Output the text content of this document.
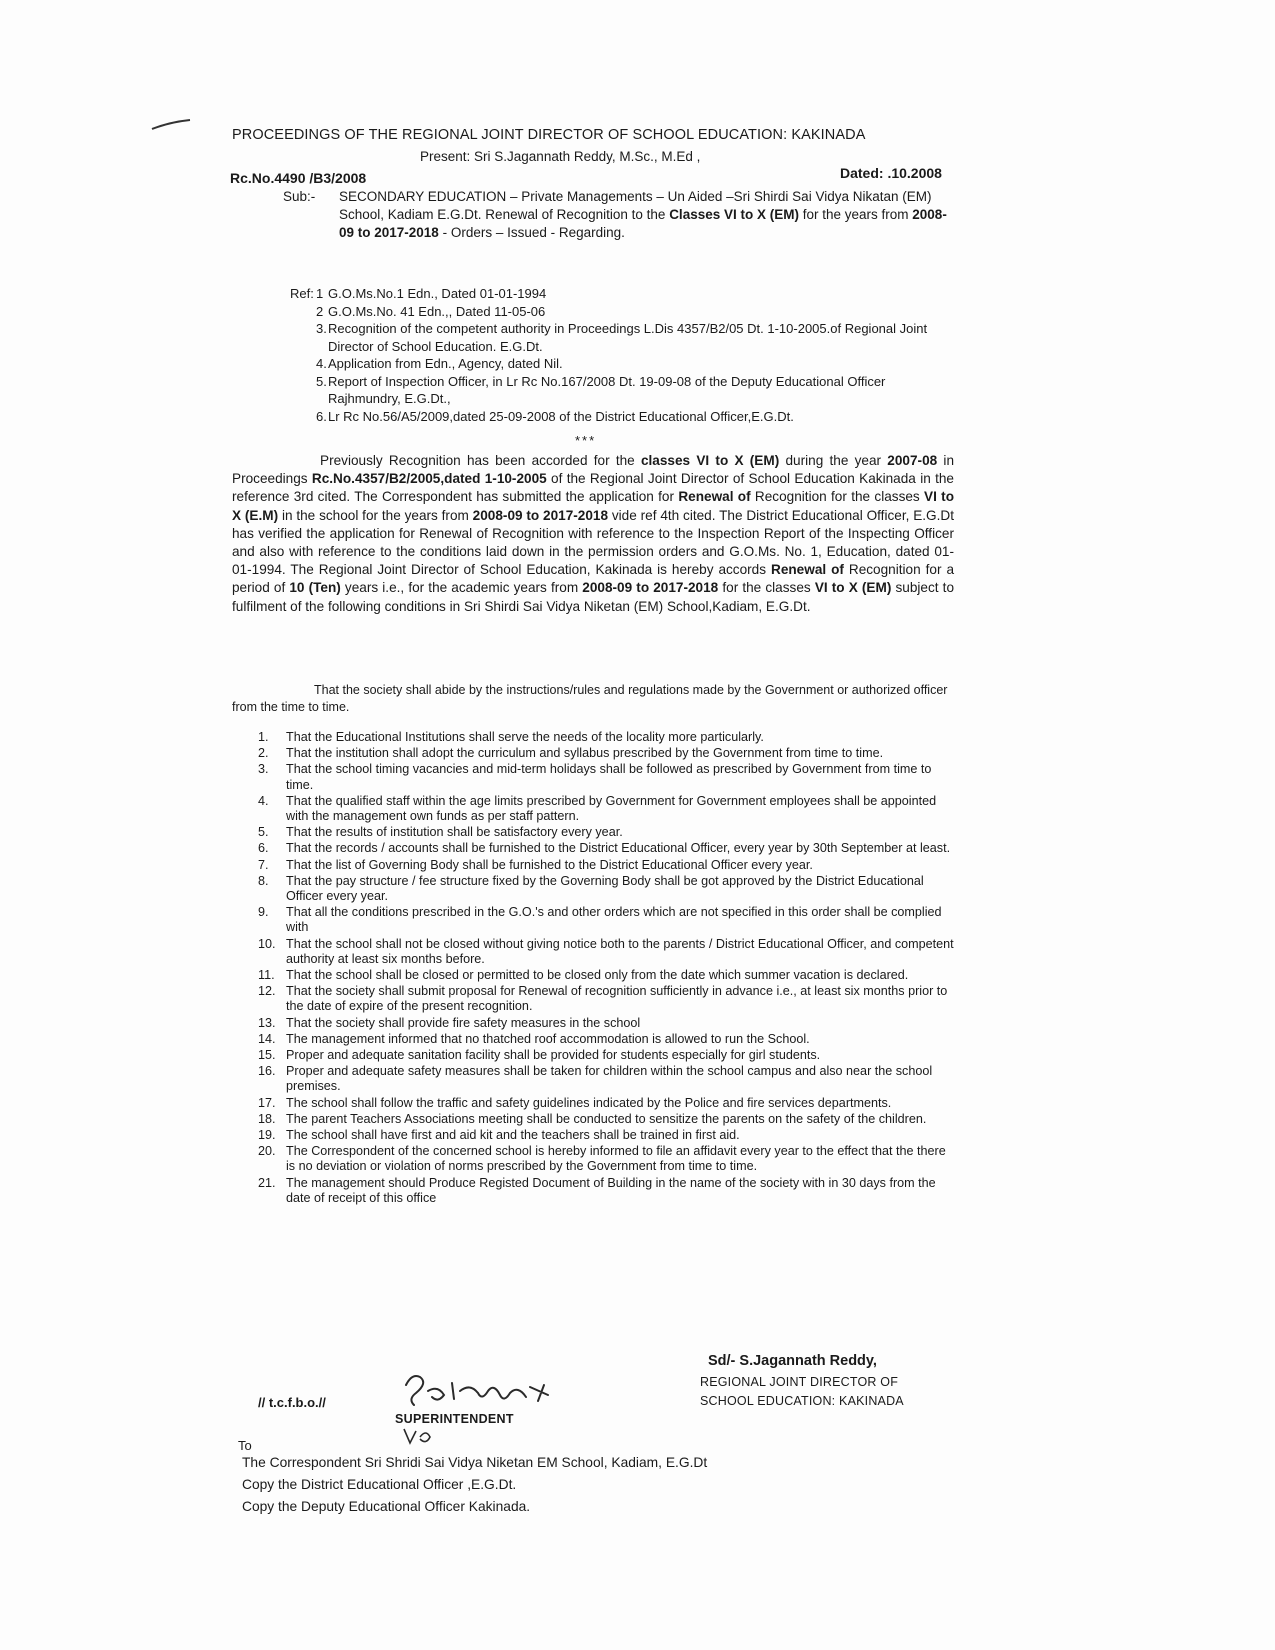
PROCEEDINGS OF THE REGIONAL JOINT DIRECTOR OF SCHOOL EDUCATION: KAKINADA
Present: Sri S.Jagannath Reddy, M.Sc., M.Ed ,
Rc.No.4490 /B3/2008	Dated: .10.2008
Sub:- SECONDARY EDUCATION – Private Managements – Un Aided –Sri Shirdi Sai Vidya Nikatan (EM) School, Kadiam E.G.Dt. Renewal of Recognition to the Classes VI to X (EM) for the years from 2008-09 to 2017-2018 - Orders – Issued - Regarding.
Ref: 1 G.O.Ms.No.1 Edn., Dated 01-01-1994
2 G.O.Ms.No. 41 Edn.,, Dated 11-05-06
3. Recognition of the competent authority in Proceedings L.Dis 4357/B2/05 Dt. 1-10-2005.of Regional Joint Director of School Education. E.G.Dt.
4. Application from Edn., Agency, dated Nil.
5. Report of Inspection Officer, in Lr Rc No.167/2008 Dt. 19-09-08 of the Deputy Educational Officer Rajhmundry, E.G.Dt.,
6. Lr Rc No.56/A5/2009,dated 25-09-2008 of the District Educational Officer,E.G.Dt.
***
Previously Recognition has been accorded for the classes VI to X (EM) during the year 2007-08 in Proceedings Rc.No.4357/B2/2005,dated 1-10-2005 of the Regional Joint Director of School Education Kakinada in the reference 3rd cited. The Correspondent has submitted the application for Renewal of Recognition for the classes VI to X (E.M) in the school for the years from 2008-09 to 2017-2018 vide ref 4th cited. The District Educational Officer, E.G.Dt has verified the application for Renewal of Recognition with reference to the Inspection Report of the Inspecting Officer and also with reference to the conditions laid down in the permission orders and G.O.Ms. No. 1, Education, dated 01-01-1994. The Regional Joint Director of School Education, Kakinada is hereby accords Renewal of Recognition for a period of 10 (Ten) years i.e., for the academic years from 2008-09 to 2017-2018 for the classes VI to X (EM) subject to fulfilment of the following conditions in Sri Shirdi Sai Vidya Niketan (EM) School,Kadiam, E.G.Dt.
That the society shall abide by the instructions/rules and regulations made by the Government or authorized officer from the time to time.
1. That the Educational Institutions shall serve the needs of the locality more particularly.
2. That the institution shall adopt the curriculum and syllabus prescribed by the Government from time to time.
3. That the school timing vacancies and mid-term holidays shall be followed as prescribed by Government from time to time.
4. That the qualified staff within the age limits prescribed by Government for Government employees shall be appointed with the management own funds as per staff pattern.
5. That the results of institution shall be satisfactory every year.
6. That the records / accounts shall be furnished to the District Educational Officer, every year by 30th September at least.
7. That the list of Governing Body shall be furnished to the District Educational Officer every year.
8. That the pay structure / fee structure fixed by the Governing Body shall be got approved by the District Educational Officer every year.
9. That all the conditions prescribed in the G.O.'s and other orders which are not specified in this order shall be complied with
10. That the school shall not be closed without giving notice both to the parents / District Educational Officer, and competent authority at least six months before.
11. That the school shall be closed or permitted to be closed only from the date which summer vacation is declared.
12. That the society shall submit proposal for Renewal of recognition sufficiently in advance i.e., at least six months prior to the date of expire of the present recognition.
13. That the society shall provide fire safety measures in the school
14. The management informed that no thatched roof accommodation is allowed to run the School.
15. Proper and adequate sanitation facility shall be provided for students especially for girl students.
16. Proper and adequate safety measures shall be taken for children within the school campus and also near the school premises.
17. The school shall follow the traffic and safety guidelines indicated by the Police and fire services departments.
18. The parent Teachers Associations meeting shall be conducted to sensitize the parents on the safety of the children.
19. The school shall have first and aid kit and the teachers shall be trained in first aid.
20. The Correspondent of the concerned school is hereby informed to file an affidavit every year to the effect that the there is no deviation or violation of norms prescribed by the Government from time to time.
21. The management should Produce Registed Document of Building in the name of the society with in 30 days from the date of receipt of this office
// t.c.f.b.o.//
SUPERINTENDENT
Sd/- S.Jagannath Reddy,
REGIONAL JOINT DIRECTOR OF
SCHOOL EDUCATION: KAKINADA
To
The Correspondent Sri Shridi Sai Vidya Niketan EM School, Kadiam, E.G.Dt
Copy the District Educational Officer ,E.G.Dt.
Copy the Deputy Educational Officer Kakinada.
